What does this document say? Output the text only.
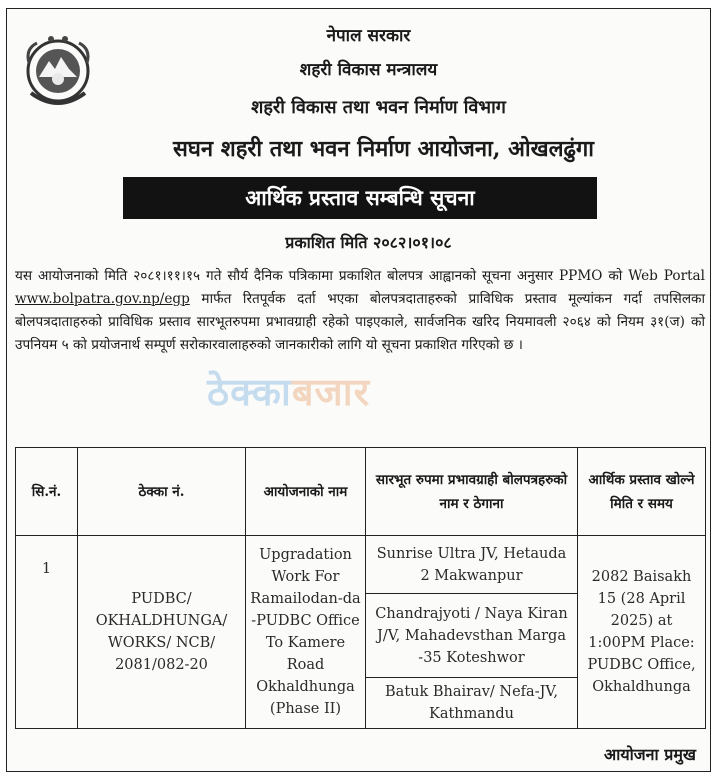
नेपाल सरकार
शहरी विकास मन्त्रालय
शहरी विकास तथा भवन निर्माण विभाग
सघन शहरी तथा भवन निर्माण आयोजना, ओखलढुंगा
आर्थिक प्रस्ताव सम्बन्धि सूचना
प्रकाशित मिति २०८२।०१।०८

यस आयोजनाको मिति २०८१।११।१५ गते सौर्य दैनिक पत्रिकामा प्रकाशित बोलपत्र आह्वानको सूचना अनुसार PPMO को Web Portal www.bolpatra.gov.np/egp मार्फत रितपूर्वक दर्ता भएका बोलपत्रदाताहरुको प्राविधिक प्रस्ताव मूल्यांकन गर्दा तपसिलका बोलपत्रदाताहरुको प्राविधिक प्रस्ताव सारभूतरुपमा प्रभावग्राही रहेको पाइएकाले, सार्वजनिक खरिद नियमावली २०६४ को नियम ३१(ज) को उपनियम ५ को प्रयोजनार्थ सम्पूर्ण सरोकारवालाहरुको जानकारीको लागि यो सूचना प्रकाशित गरिएको छ ।

ठेक्काबजार
सि.नं.	ठेक्का नं.	आयोजनाको नाम	सारभूत रुपमा प्रभावग्राही बोलपत्रहरुको नाम र ठेगाना	आर्थिक प्रस्ताव खोल्ने मिति र समय
1	PUDBC/ OKHALDHUNGA/ WORKS/ NCB/ 2081/082-20	Upgradation Work For Ramailodan-da -PUDBC Office To Kamere Road Okhaldhunga (Phase II)	Sunrise Ultra JV, Hetauda 2 Makwanpur	2082 Baisakh 15 (28 April 2025) at 1:00PM Place: PUDBC Office, Okhaldhunga
			Chandrajyoti / Naya Kiran J/V, Mahadevsthan Marga -35 Koteshwor	
			Batuk Bhairav/ Nefa-JV, Kathmandu	
आयोजना प्रमुख
